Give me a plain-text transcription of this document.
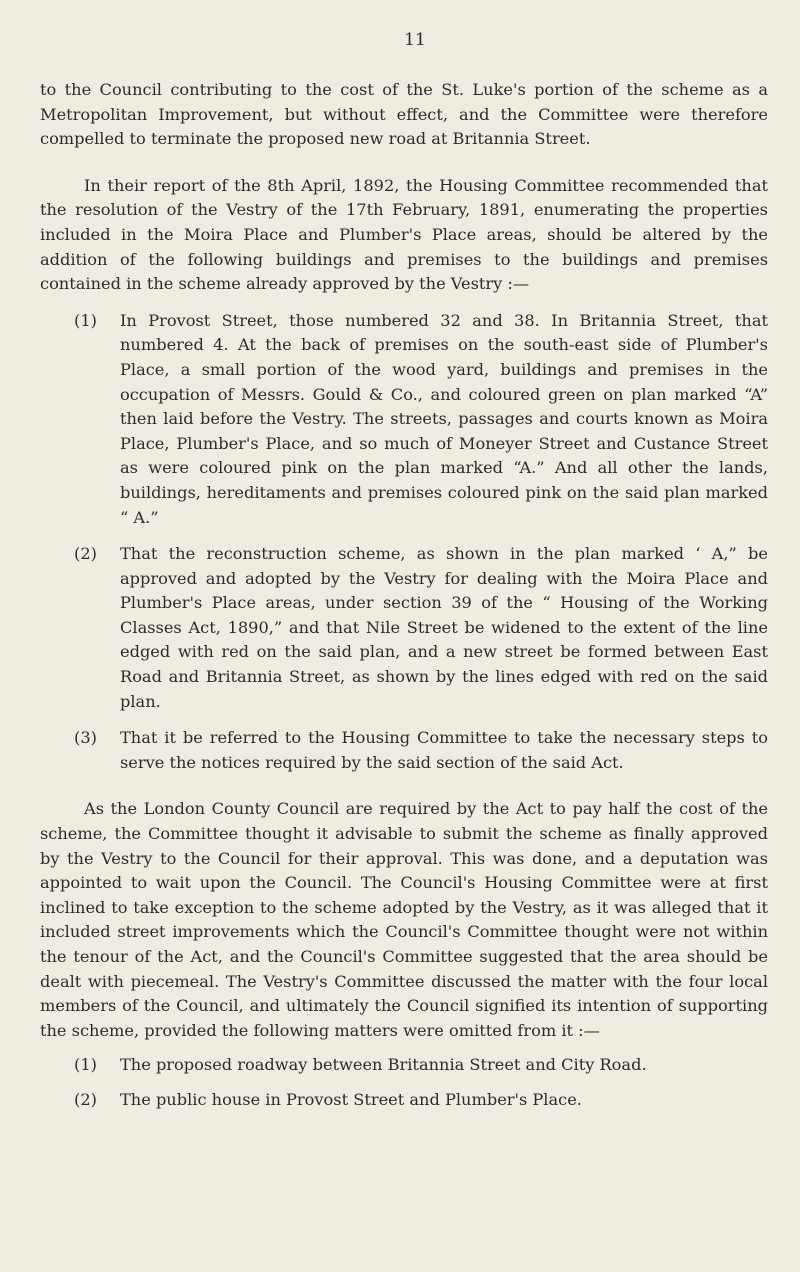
11

to the Council contributing to the cost of the St. Luke's portion of the scheme as a Metropolitan Improvement, but without effect, and the Committee were therefore compelled to terminate the proposed new road at Britannia Street.

In their report of the 8th April, 1892, the Housing Committee recommended that the resolution of the Vestry of the 17th February, 1891, enumerating the properties included in the Moira Place and Plumber's Place areas, should be altered by the addition of the following buildings and premises to the buildings and premises contained in the scheme already approved by the Vestry :—

(1)	In Provost Street, those numbered 32 and 38. In Britannia Street, that numbered 4. At the back of premises on the south-east side of Plumber's Place, a small portion of the wood yard, buildings and premises in the occupation of Messrs. Gould & Co., and coloured green on plan marked “A” then laid before the Vestry. The streets, passages and courts known as Moira Place, Plumber's Place, and so much of Moneyer Street and Custance Street as were coloured pink on the plan marked “A.” And all other the lands, buildings, hereditaments and premises coloured pink on the said plan marked “ A.”
(2)	That the reconstruction scheme, as shown in the plan marked ‘ A,” be approved and adopted by the Vestry for dealing with the Moira Place and Plumber's Place areas, under section 39 of the “ Housing of the Working Classes Act, 1890,” and that Nile Street be widened to the extent of the line edged with red on the said plan, and a new street be formed between East Road and Britannia Street, as shown by the lines edged with red on the said plan.
(3)	That it be referred to the Housing Committee to take the necessary steps to serve the notices required by the said section of the said Act.

As the London County Council are required by the Act to pay half the cost of the scheme, the Committee thought it advisable to submit the scheme as finally approved by the Vestry to the Council for their approval. This was done, and a deputation was appointed to wait upon the Council. The Council's Housing Committee were at first inclined to take exception to the scheme adopted by the Vestry, as it was alleged that it included street improvements which the Council's Committee thought were not within the tenour of the Act, and the Council's Committee suggested that the area should be dealt with piecemeal. The Vestry's Committee discussed the matter with the four local members of the Council, and ultimately the Council signified its intention of supporting the scheme, provided the following matters were omitted from it :—

(1)	The proposed roadway between Britannia Street and City Road.
(2)	The public house in Provost Street and Plumber's Place.
